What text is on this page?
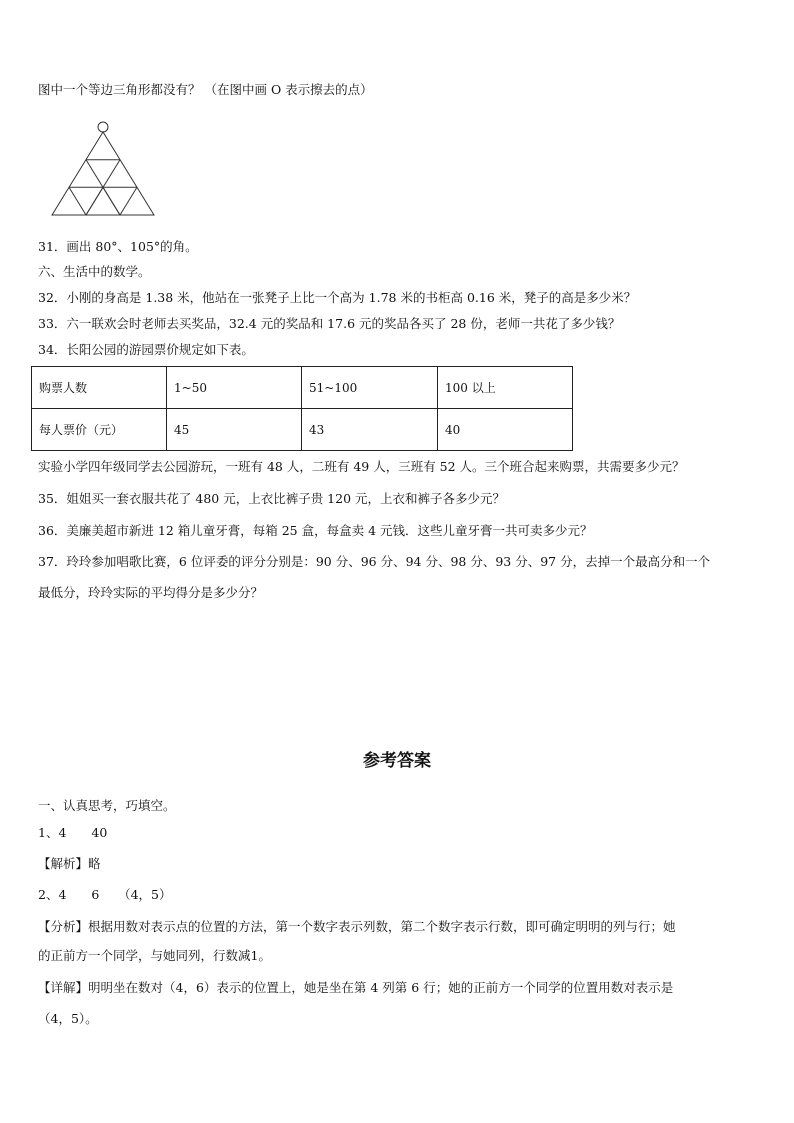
图中一个等边三角形都没有？ （在图中画 O 表示擦去的点）
31．画出 80°、105°的角。
六、生活中的数学。
32．小刚的身高是 1.38 米，他站在一张凳子上比一个高为 1.78 米的书柜高 0.16 米，凳子的高是多少米？
33．六一联欢会时老师去买奖品，32.4 元的奖品和 17.6 元的奖品各买了 28 份，老师一共花了多少钱？
34．长阳公园的游园票价规定如下表。
购票人数	1~50	51~100	100 以上
每人票价（元）	45	43	40
实验小学四年级同学去公园游玩，一班有 48 人，二班有 49 人，三班有 52 人。三个班合起来购票，共需要多少元？
35．姐姐买一套衣服共花了 480 元，上衣比裤子贵 120 元，上衣和裤子各多少元？
36．美廉美超市新进 12 箱儿童牙膏，每箱 25 盒，每盒卖 4 元钱．这些儿童牙膏一共可卖多少元？
37．玲玲参加唱歌比赛，6 位评委的评分分别是：90 分、96 分、94 分、98 分、93 分、97 分，去掉一个最高分和一个
最低分，玲玲实际的平均得分是多少分？
参考答案
一、认真思考，巧填空。
1、4　　40
【解析】略
2、4　　6　　（4，5）
【分析】根据用数对表示点的位置的方法，第一个数字表示列数，第二个数字表示行数，即可确定明明的列与行；她
的正前方一个同学，与她同列，行数减1。
【详解】明明坐在数对（4，6）表示的位置上，她是坐在第 4 列第 6 行；她的正前方一个同学的位置用数对表示是
（4，5）。
